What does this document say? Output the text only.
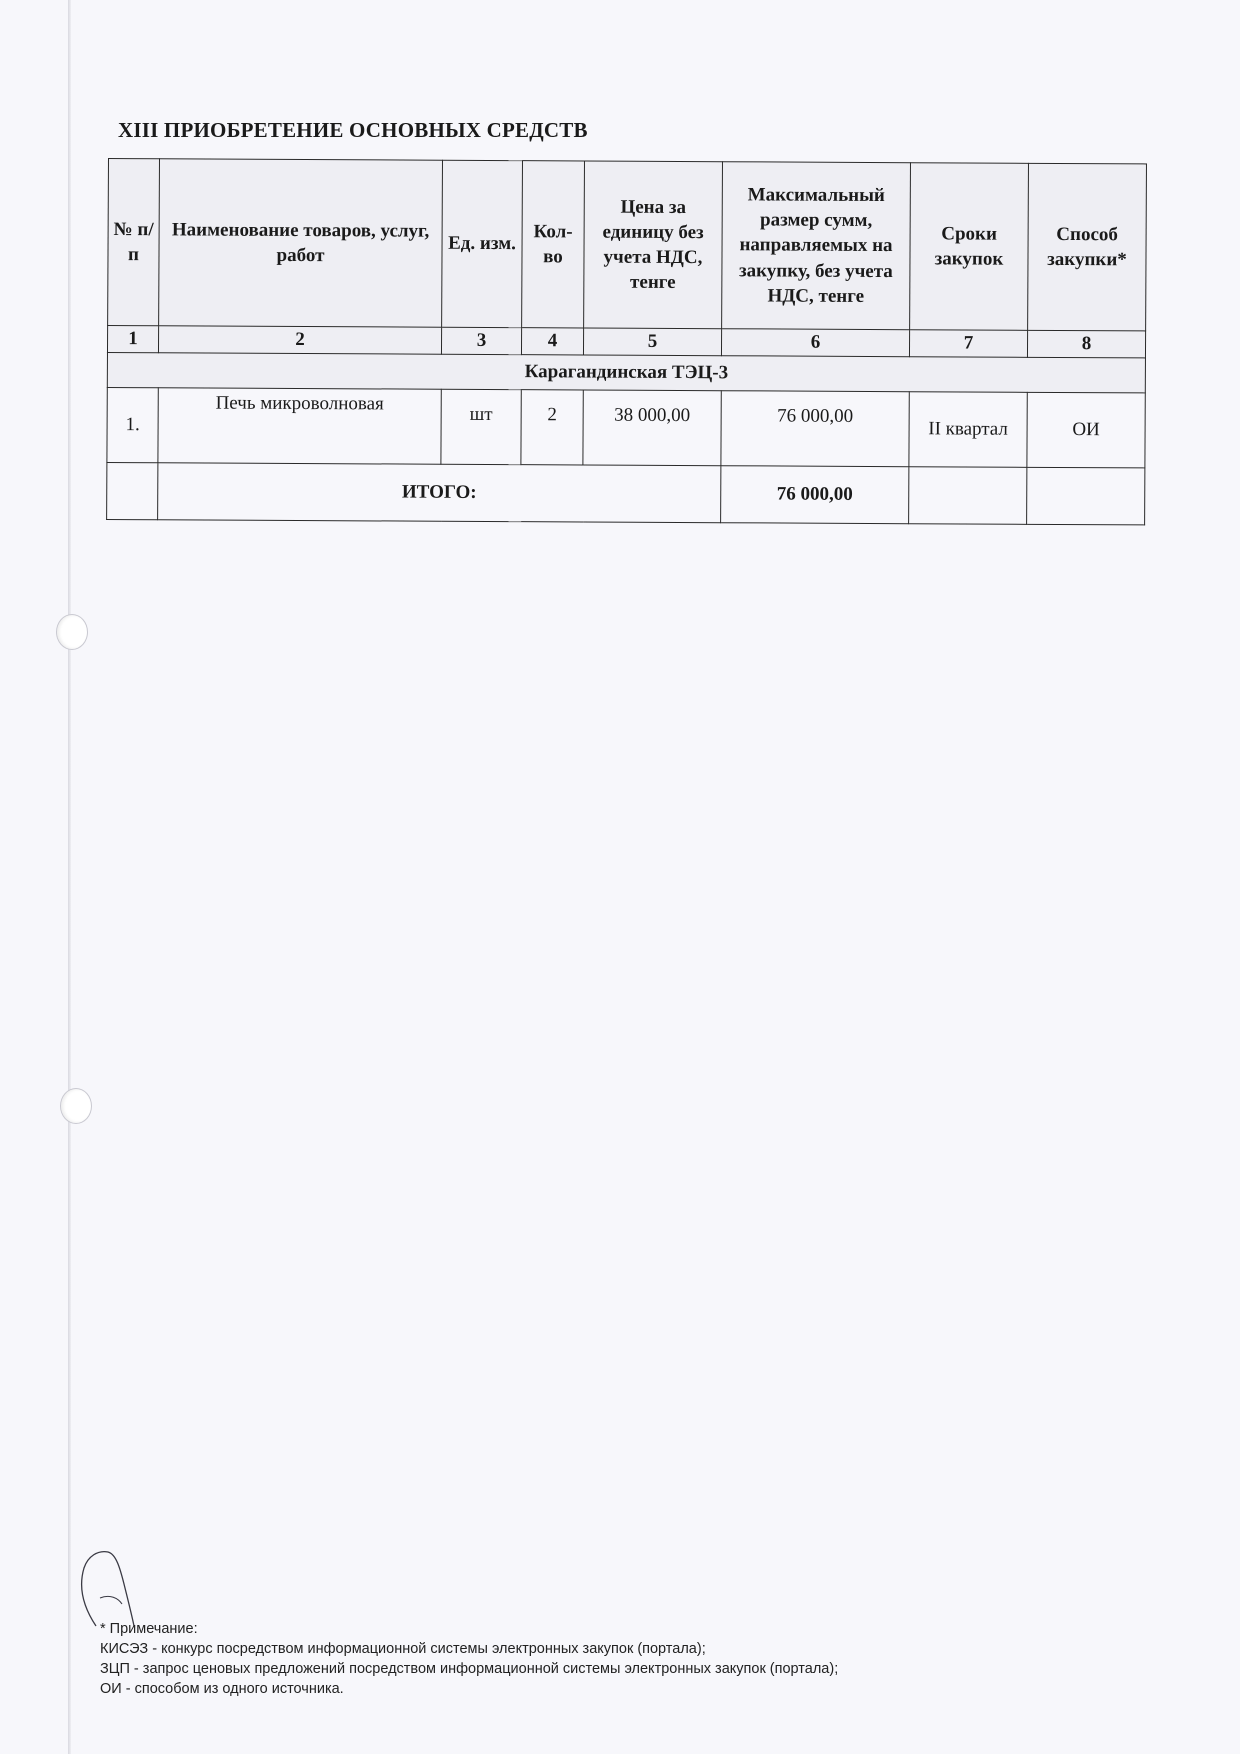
XIII ПРИОБРЕТЕНИЕ ОСНОВНЫХ СРЕДСТВ
№ п/п	Наименование товаров, услуг, работ	Ед. изм.	Кол-во	Цена за единицу без учета НДС, тенге	Максимальный размер сумм, направляемых на закупку, без учета НДС, тенге	Сроки закупок	Способ закупки*
1	2	3	4	5	6	7	8
Карагандинская ТЭЦ-3							
1.	Печь микроволновая	шт	2	38 000,00	76 000,00	II квартал	ОИ
	ИТОГО:				76 000,00		
* Примечание:
КИСЭЗ - конкурс посредством информационной системы электронных закупок (портала);
ЗЦП - запрос ценовых предложений посредством информационной системы электронных закупок (портала);
ОИ - способом из одного источника.
